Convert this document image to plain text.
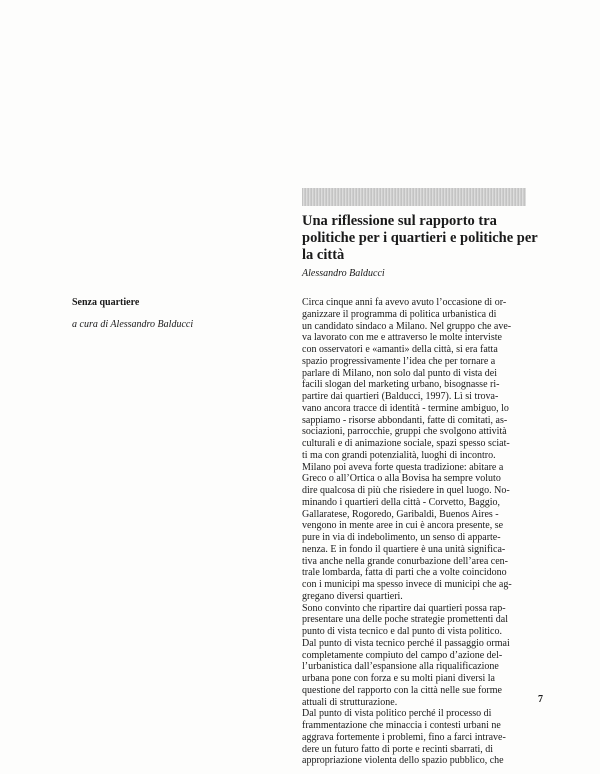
Una riflessione sul rapporto tra politiche per i quartieri e politiche per la città
Alessandro Balducci
Senza quartiere
a cura di Alessandro Balducci
Circa cinque anni fa avevo avuto l’occasione di or-
ganizzare il programma di politica urbanistica di
un candidato sindaco a Milano. Nel gruppo che ave-
va lavorato con me e attraverso le molte interviste
con osservatori e «amanti» della città, si era fatta
spazio progressivamente l’idea che per tornare a
parlare di Milano, non solo dal punto di vista dei
facili slogan del marketing urbano, bisognasse ri-
partire dai quartieri (Balducci, 1997). Lì si trova-
vano ancora tracce di identità - termine ambiguo, lo
sappiamo - risorse abbondanti, fatte di comitati, as-
sociazioni, parrocchie, gruppi che svolgono attività
culturali e di animazione sociale, spazi spesso sciat-
ti ma con grandi potenzialità, luoghi di incontro.
Milano poi aveva forte questa tradizione: abitare a
Greco o all’Ortica o alla Bovisa ha sempre voluto
dire qualcosa di più che risiedere in quel luogo. No-
minando i quartieri della città - Corvetto, Baggio,
Gallaratese, Rogoredo, Garibaldi, Buenos Aires -
vengono in mente aree in cui è ancora presente, se
pure in via di indebolimento, un senso di apparte-
nenza. E in fondo il quartiere è una unità significa-
tiva anche nella grande conurbazione dell’area cen-
trale lombarda, fatta di parti che a volte coincidono
con i municipi ma spesso invece di municipi che ag-
gregano diversi quartieri.
Sono convinto che ripartire dai quartieri possa rap-
presentare una delle poche strategie promettenti dal
punto di vista tecnico e dal punto di vista politico.
Dal punto di vista tecnico perché il passaggio ormai
completamente compiuto del campo d’azione del-
l’urbanistica dall’espansione alla riqualificazione
urbana pone con forza e su molti piani diversi la
questione del rapporto con la città nelle sue forme
attuali di strutturazione.
Dal punto di vista politico perché il processo di
frammentazione che minaccia i contesti urbani ne
aggrava fortemente i problemi, fino a farci intrave-
dere un futuro fatto di porte e recinti sbarrati, di
appropriazione violenta dello spazio pubblico, che
7
